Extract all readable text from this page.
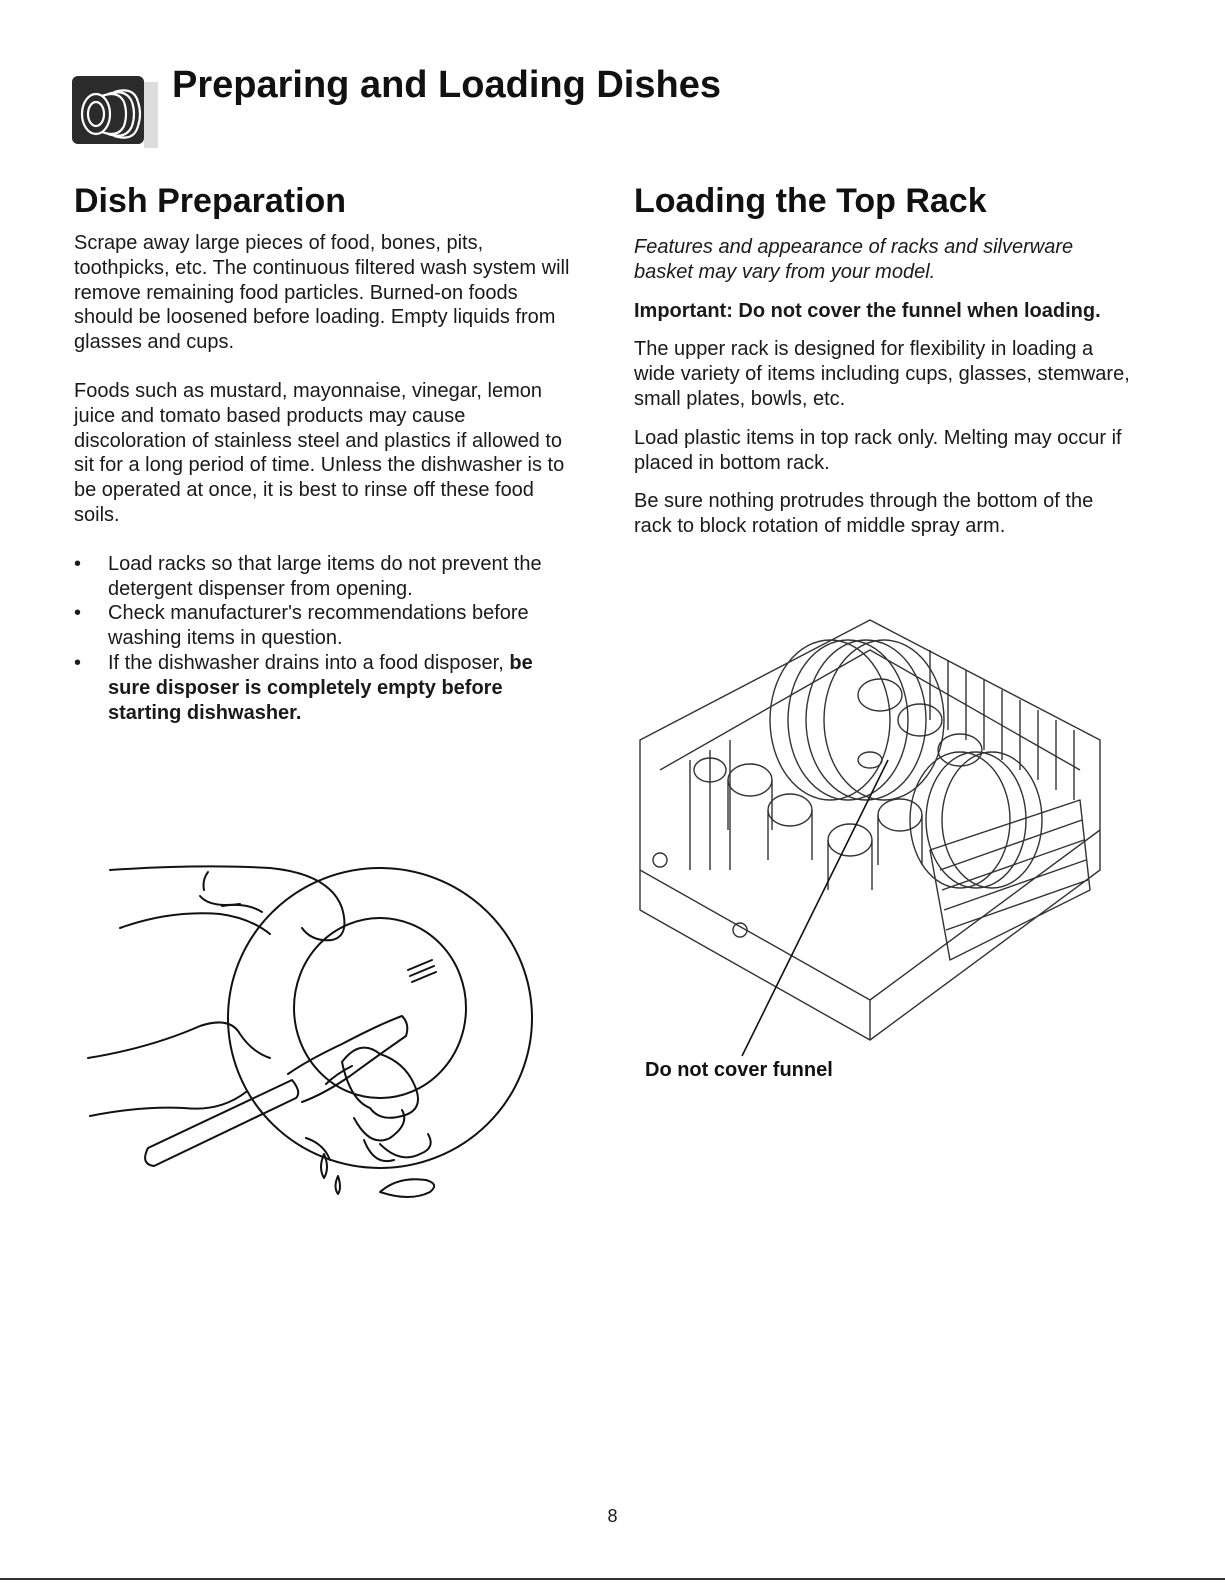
Preparing and Loading Dishes
Dish Preparation

Scrape away large pieces of food, bones, pits, toothpicks, etc. The continuous filtered wash system will remove remaining food particles. Burned-on foods should be loosened before loading. Empty liquids from glasses and cups.

Foods such as mustard, mayonnaise, vinegar, lemon juice and tomato based products may cause discoloration of stainless steel and plastics if allowed to sit for a long period of time. Unless the dishwasher is to be operated at once, it is best to rinse off these food soils.

• Load racks so that large items do not prevent the detergent dispenser from opening.
• Check manufacturer's recommendations before washing items in question.
• If the dishwasher drains into a food disposer, be sure disposer is completely empty before starting dishwasher.
Loading the Top Rack

Features and appearance of racks and silverware basket may vary from your model.

Important: Do not cover the funnel when loading.

The upper rack is designed for flexibility in loading a wide variety of items including cups, glasses, stemware, small plates, bowls, etc.

Load plastic items in top rack only. Melting may occur if placed in bottom rack.

Be sure nothing protrudes through the bottom of the rack to block rotation of middle spray arm.

Do not cover funnel

8
